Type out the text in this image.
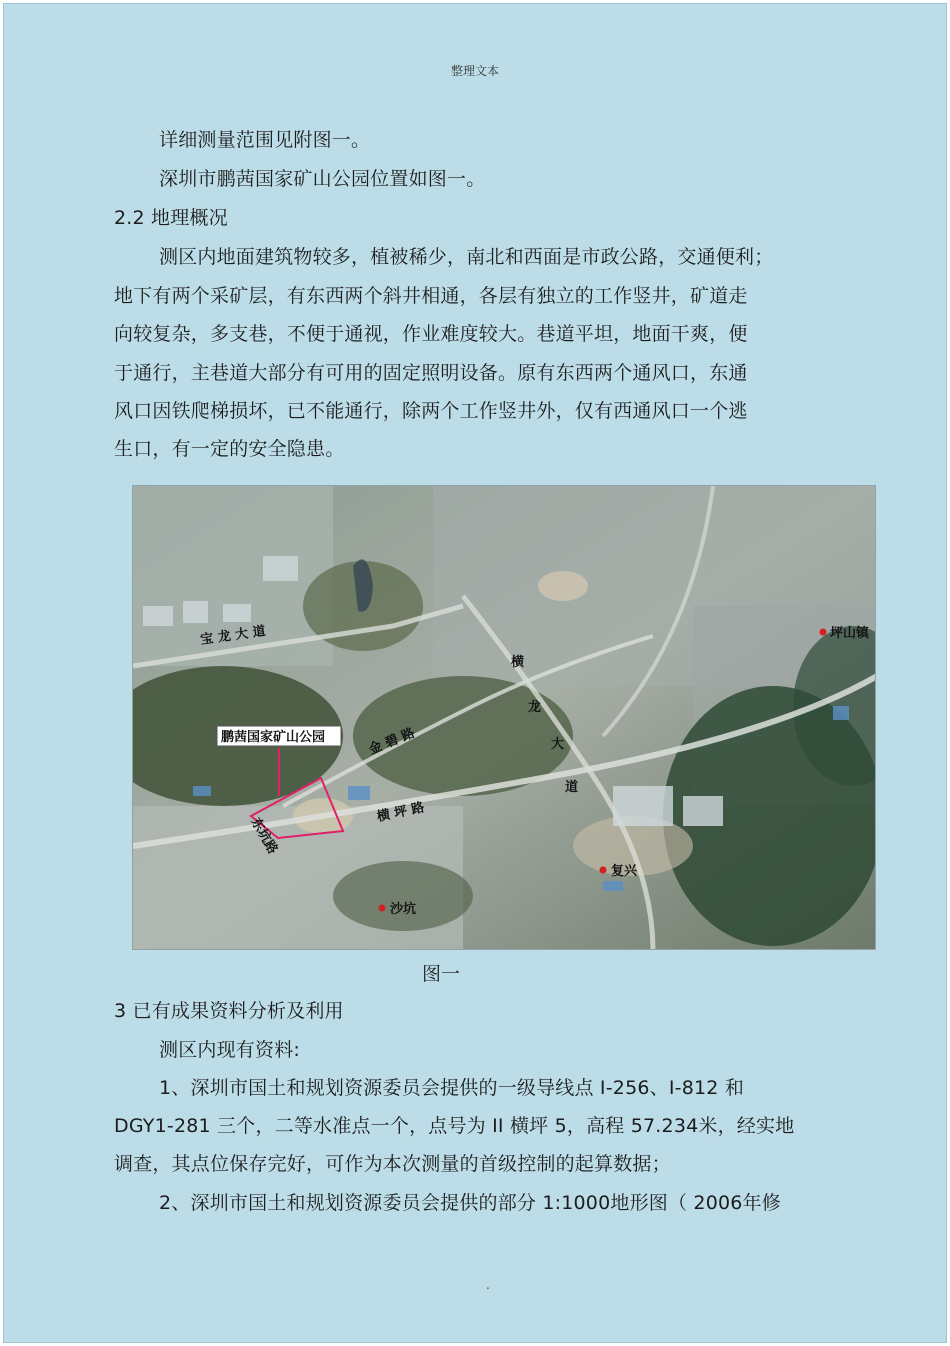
整理文本
详细测量范围见附图一。
深圳市鹏茜国家矿山公园位置如图一。
2.2 地理概况
测区内地面建筑物较多，植被稀少，南北和西面是市政公路，交通便利；
地下有两个采矿层，有东西两个斜井相通，各层有独立的工作竖井，矿道走
向较复杂，多支巷，不便于通视，作业难度较大。巷道平坦，地面干爽，便
于通行，主巷道大部分有可用的固定照明设备。原有东西两个通风口，东通
风口因铁爬梯损坏，已不能通行，除两个工作竖井外，仅有西通风口一个逃
生口，有一定的安全隐患。
鹏茜国家矿山公园
宝 龙 大 道
金 碧 路
横 坪 路
横
龙
大
道
东坑路
坪山镇
复兴
沙坑
图一
3 已有成果资料分析及利用
测区内现有资料:
1、深圳市国土和规划资源委员会提供的一级导线点 I-256、I-812 和
DGY1-281 三个，二等水准点一个，点号为 II 横坪 5，高程 57.234米，经实地
调查，其点位保存完好，可作为本次测量的首级控制的起算数据；
2、深圳市国土和规划资源委员会提供的部分 1:1000地形图（ 2006年修
.
